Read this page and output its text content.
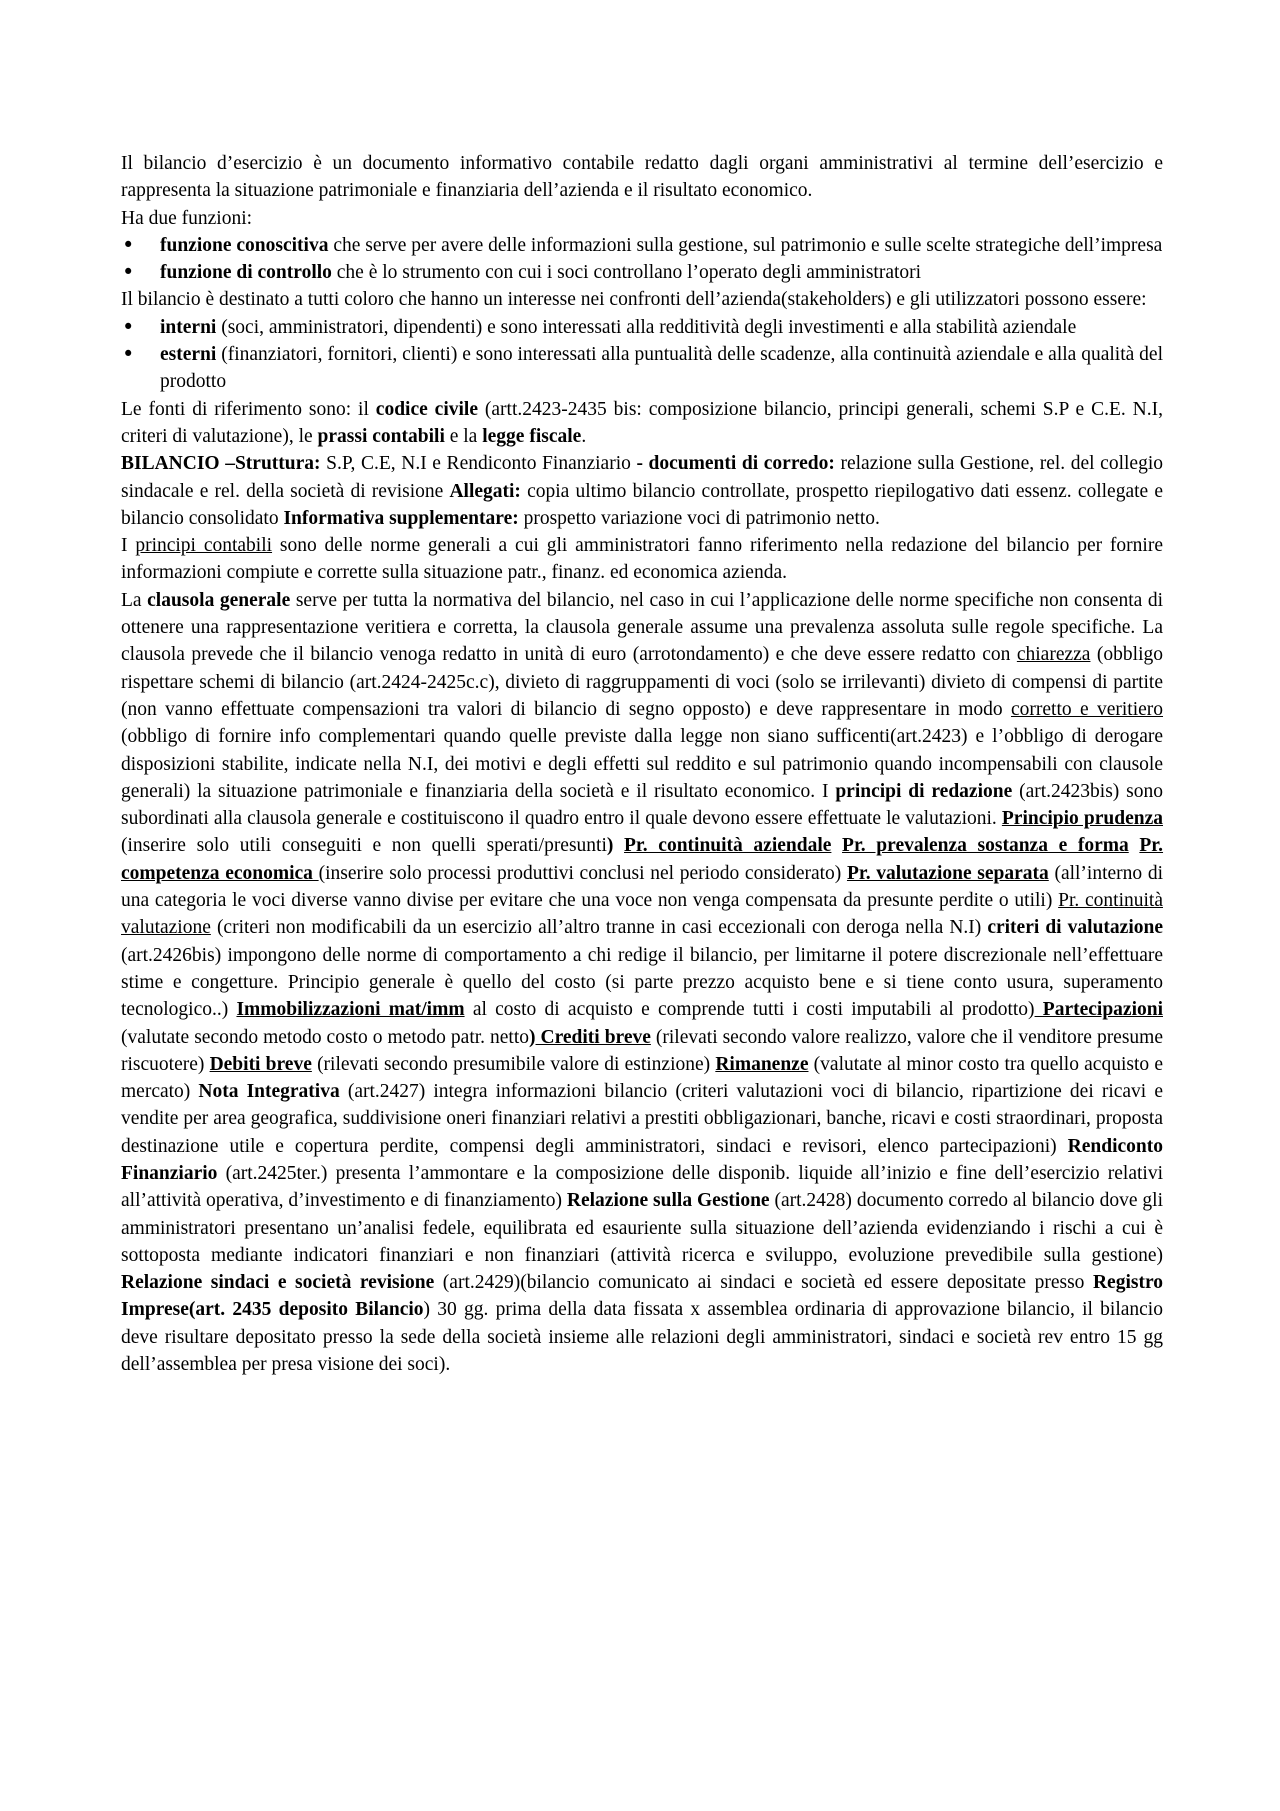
Il bilancio d’esercizio è un documento informativo contabile redatto dagli organi amministrativi al termine dell’esercizio e rappresenta la situazione patrimoniale e finanziaria dell’azienda e il risultato economico.
Ha due funzioni:

• funzione conoscitiva che serve per avere delle informazioni sulla gestione, sul patrimonio e sulle scelte strategiche dell’impresa
• funzione di controllo che è lo strumento con cui i soci controllano l’operato degli amministratori

Il bilancio è destinato a tutti coloro che hanno un interesse nei confronti dell’azienda(stakeholders) e gli utilizzatori possono essere:

• interni (soci, amministratori, dipendenti) e sono interessati alla redditività degli investimenti e alla stabilità aziendale
• esterni (finanziatori, fornitori, clienti) e sono interessati alla puntualità delle scadenze, alla continuità aziendale e alla qualità del prodotto

Le fonti di riferimento sono: il codice civile (artt.2423-2435 bis: composizione bilancio, principi generali, schemi S.P e C.E. N.I, criteri di valutazione), le prassi contabili e la legge fiscale.

BILANCIO –Struttura: S.P, C.E, N.I e Rendiconto Finanziario - documenti di corredo: relazione sulla Gestione, rel. del collegio sindacale e rel. della società di revisione Allegati: copia ultimo bilancio controllate, prospetto riepilogativo dati essenz. collegate e bilancio consolidato Informativa supplementare: prospetto variazione voci di patrimonio netto.

I principi contabili sono delle norme generali a cui gli amministratori fanno riferimento nella redazione del bilancio per fornire informazioni compiute e corrette sulla situazione patr., finanz. ed economica azienda.

La clausola generale serve per tutta la normativa del bilancio, nel caso in cui l’applicazione delle norme specifiche non consenta di ottenere una rappresentazione veritiera e corretta, la clausola generale assume una prevalenza assoluta sulle regole specifiche. La clausola prevede che il bilancio venoga redatto in unità di euro (arrotondamento) e che deve essere redatto con chiarezza (obbligo rispettare schemi di bilancio (art.2424-2425c.c), divieto di raggruppamenti di voci (solo se irrilevanti) divieto di compensi di partite (non vanno effettuate compensazioni tra valori di bilancio di segno opposto) e deve rappresentare in modo corretto e veritiero (obbligo di fornire info complementari quando quelle previste dalla legge non siano sufficenti(art.2423) e l’obbligo di derogare disposizioni stabilite, indicate nella N.I, dei motivi e degli effetti sul reddito e sul patrimonio quando incompensabili con clausole generali) la situazione patrimoniale e finanziaria della società e il risultato economico. I principi di redazione (art.2423bis) sono subordinati alla clausola generale e costituiscono il quadro entro il quale devono essere effettuate le valutazioni. Principio prudenza (inserire solo utili conseguiti e non quelli sperati/presunti) Pr. continuità aziendale Pr. prevalenza sostanza e forma Pr. competenza economica (inserire solo processi produttivi conclusi nel periodo considerato) Pr. valutazione separata (all’interno di una categoria le voci diverse vanno divise per evitare che una voce non venga compensata da presunte perdite o utili) Pr. continuità valutazione (criteri non modificabili da un esercizio all’altro tranne in casi eccezionali con deroga nella N.I) criteri di valutazione (art.2426bis) impongono delle norme di comportamento a chi redige il bilancio, per limitarne il potere discrezionale nell’effettuare stime e congetture. Principio generale è quello del costo (si parte prezzo acquisto bene e si tiene conto usura, superamento tecnologico..) Immobilizzazioni mat/imm al costo di acquisto e comprende tutti i costi imputabili al prodotto) Partecipazioni (valutate secondo metodo costo o metodo patr. netto) Crediti breve (rilevati secondo valore realizzo, valore che il venditore presume riscuotere) Debiti breve (rilevati secondo presumibile valore di estinzione) Rimanenze (valutate al minor costo tra quello acquisto e mercato) Nota Integrativa (art.2427) integra informazioni bilancio (criteri valutazioni voci di bilancio, ripartizione dei ricavi e vendite per area geografica, suddivisione oneri finanziari relativi a prestiti obbligazionari, banche, ricavi e costi straordinari, proposta destinazione utile e copertura perdite, compensi degli amministratori, sindaci e revisori, elenco partecipazioni) Rendiconto Finanziario (art.2425ter.) presenta l’ammontare e la composizione delle disponib. liquide all’inizio e fine dell’esercizio relativi all’attività operativa, d’investimento e di finanziamento) Relazione sulla Gestione (art.2428) documento corredo al bilancio dove gli amministratori presentano un’analisi fedele, equilibrata ed esauriente sulla situazione dell’azienda evidenziando i rischi a cui è sottoposta mediante indicatori finanziari e non finanziari (attività ricerca e sviluppo, evoluzione prevedibile sulla gestione) Relazione sindaci e società revisione (art.2429)(bilancio comunicato ai sindaci e società ed essere depositate presso Registro Imprese(art. 2435 deposito Bilancio) 30 gg. prima della data fissata x assemblea ordinaria di approvazione bilancio, il bilancio deve risultare depositato presso la sede della società insieme alle relazioni degli amministratori, sindaci e società rev entro 15 gg dell’assemblea per presa visione dei soci).
